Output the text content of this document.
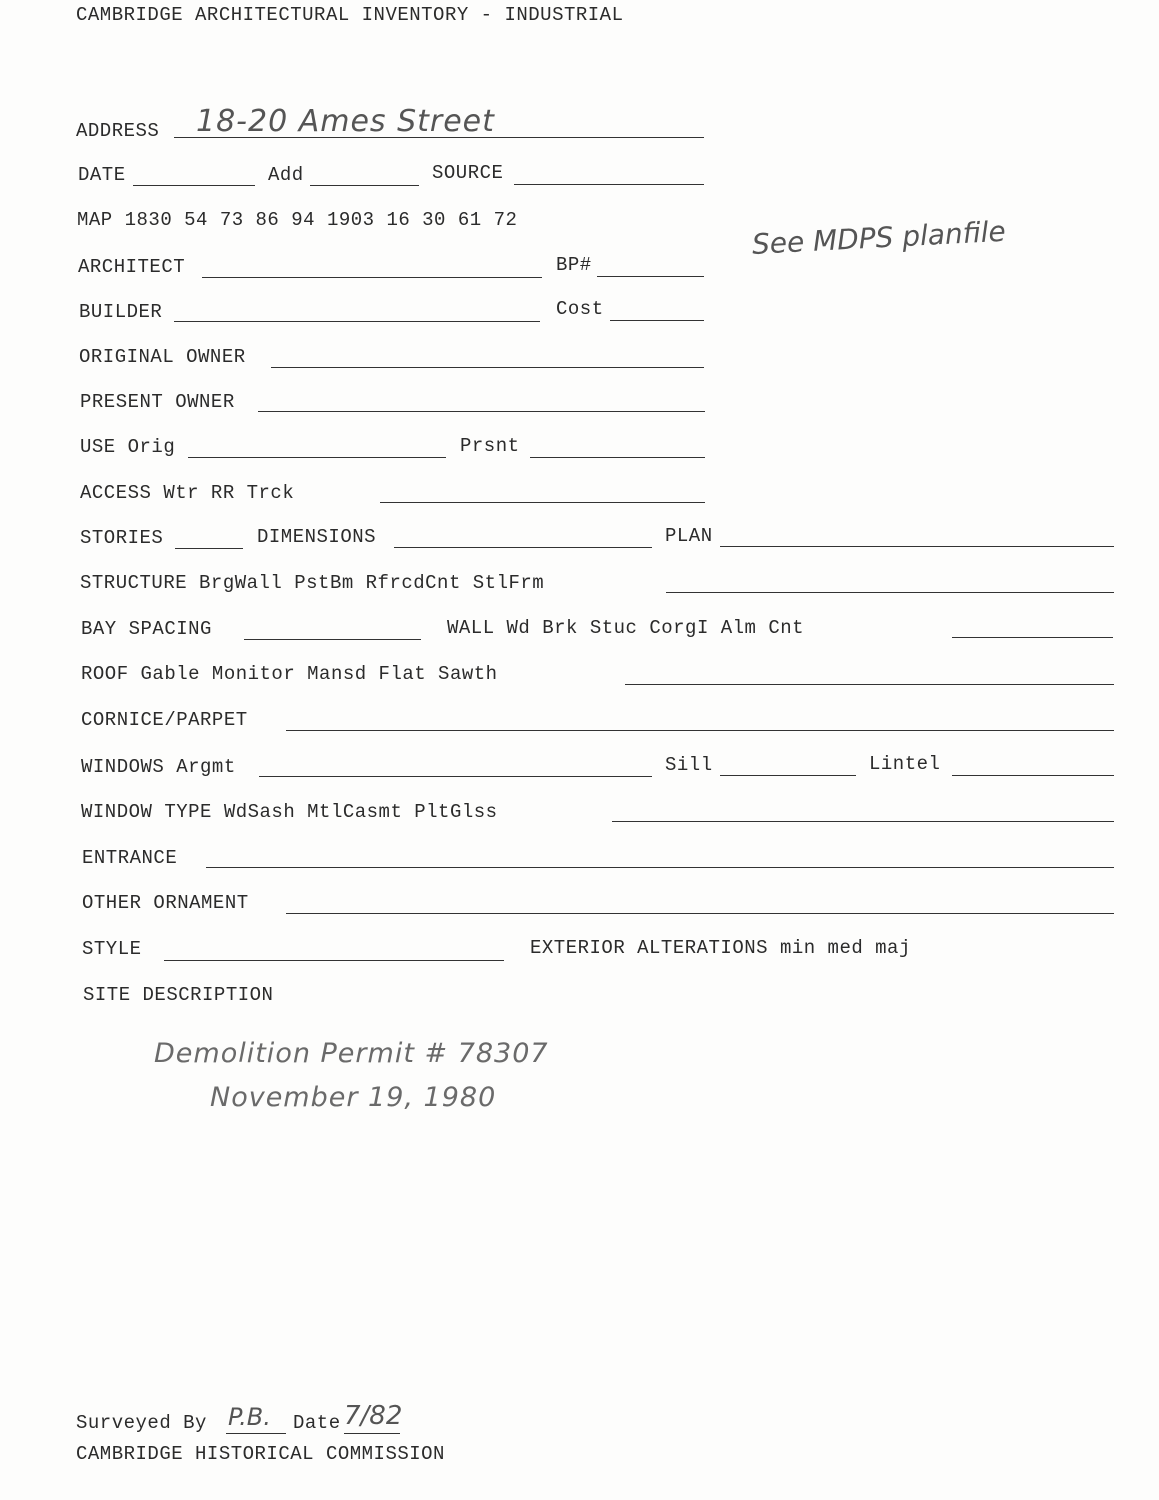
CAMBRIDGE ARCHITECTURAL INVENTORY - INDUSTRIAL
ADDRESS 18-20 Ames Street
DATE	Add	SOURCE
MAP 1830 54 73 86 94 1903 16 30 61 72
ARCHITECT	BP#
See MDPS planfile
BUILDER	Cost
ORIGINAL OWNER
PRESENT OWNER
USE Orig	Prsnt
ACCESS Wtr RR Trck
STORIES	DIMENSIONS	PLAN
STRUCTURE BrgWall PstBm RfrcdCnt StlFrm
BAY SPACING	WALL Wd Brk Stuc CorgI Alm Cnt
ROOF Gable Monitor Mansd Flat Sawth
CORNICE/PARPET
WINDOWS Argmt	Sill	Lintel
WINDOW TYPE WdSash MtlCasmt PltGlss
ENTRANCE
OTHER ORNAMENT
STYLE	EXTERIOR ALTERATIONS min med maj
SITE DESCRIPTION
Demolition Permit # 78307
November 19, 1980
Surveyed By P.B. Date 7/82
CAMBRIDGE HISTORICAL COMMISSION
